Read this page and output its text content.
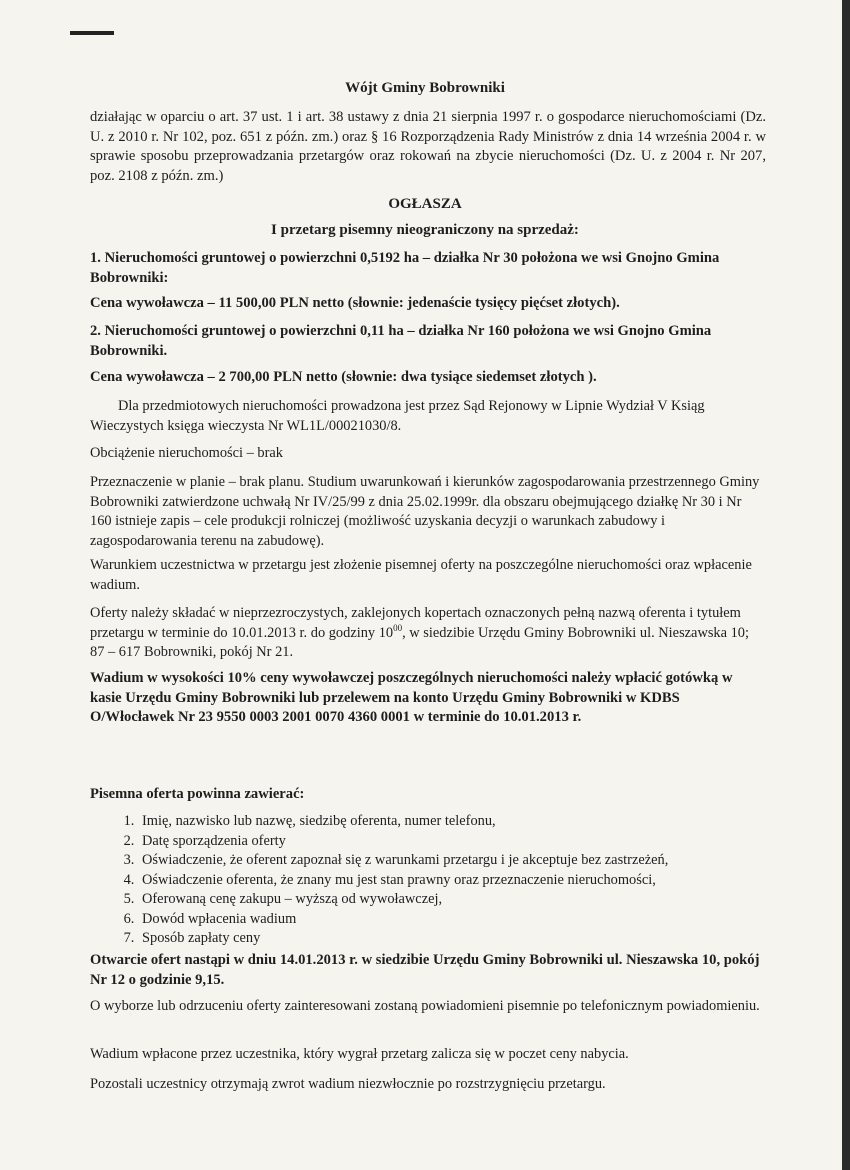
Wójt Gminy Bobrowniki
działając w oparciu o art. 37 ust. 1 i art. 38 ustawy z dnia 21 sierpnia 1997 r. o gospodarce nieruchomościami (Dz. U. z 2010 r. Nr 102, poz. 651 z późn. zm.) oraz § 16 Rozporządzenia Rady Ministrów z dnia 14 września 2004 r. w sprawie sposobu przeprowadzania przetargów oraz rokowań na zbycie nieruchomości (Dz. U. z 2004 r. Nr 207, poz. 2108 z późn. zm.)
OGŁASZA
I przetarg pisemny nieograniczony na sprzedaż:
1. Nieruchomości gruntowej o powierzchni 0,5192 ha – działka Nr 30 położona we wsi Gnojno Gmina Bobrowniki:
Cena wywoławcza – 11 500,00 PLN netto (słownie: jedenaście tysięcy pięćset złotych).
2. Nieruchomości gruntowej o powierzchni 0,11 ha – działka Nr 160 położona we wsi Gnojno Gmina Bobrowniki.
Cena wywoławcza – 2 700,00 PLN netto (słownie: dwa tysiące siedemset złotych ).
Dla przedmiotowych nieruchomości prowadzona jest przez Sąd Rejonowy w Lipnie Wydział V Ksiąg Wieczystych księga wieczysta Nr WL1L/00021030/8.
Obciążenie nieruchomości – brak
Przeznaczenie w planie – brak planu. Studium uwarunkowań i kierunków zagospodarowania przestrzennego Gminy Bobrowniki zatwierdzone uchwałą Nr IV/25/99 z dnia 25.02.1999r. dla obszaru obejmującego działkę Nr 30 i Nr 160 istnieje zapis – cele produkcji rolniczej (możliwość uzyskania decyzji o warunkach zabudowy i zagospodarowania terenu na zabudowę).
Warunkiem uczestnictwa w przetargu jest złożenie pisemnej oferty na poszczególne nieruchomości oraz wpłacenie wadium.
Oferty należy składać w nieprzezroczystych, zaklejonych kopertach oznaczonych pełną nazwą oferenta i tytułem przetargu w terminie do 10.01.2013 r. do godziny $10^{00}$, w siedzibie Urzędu Gminy Bobrowniki ul. Nieszawska 10; 87 – 617 Bobrowniki, pokój Nr 21.
Wadium w wysokości 10% ceny wywoławczej poszczególnych nieruchomości należy wpłacić gotówką w kasie Urzędu Gminy Bobrowniki lub przelewem na konto Urzędu Gminy Bobrowniki w KDBS O/Włocławek Nr 23 9550 0003 2001 0070 4360 0001 w terminie do 10.01.2013 r.
Pisemna oferta powinna zawierać:
1. Imię, nazwisko lub nazwę, siedzibę oferenta, numer telefonu,
2. Datę sporządzenia oferty
3. Oświadczenie, że oferent zapoznał się z warunkami przetargu i je akceptuje bez zastrzeżeń,
4. Oświadczenie oferenta, że znany mu jest stan prawny oraz przeznaczenie nieruchomości,
5. Oferowaną cenę zakupu – wyższą od wywoławczej,
6. Dowód wpłacenia wadium
7. Sposób zapłaty ceny
Otwarcie ofert nastąpi w dniu 14.01.2013 r. w siedzibie Urzędu Gminy Bobrowniki ul. Nieszawska 10, pokój Nr 12 o godzinie 9,15.
O wyborze lub odrzuceniu oferty zainteresowani zostaną powiadomieni pisemnie po telefonicznym powiadomieniu.
Wadium wpłacone przez uczestnika, który wygrał przetarg zalicza się w poczet ceny nabycia.
Pozostali uczestnicy otrzymają zwrot wadium niezwłocznie po rozstrzygnięciu przetargu.
